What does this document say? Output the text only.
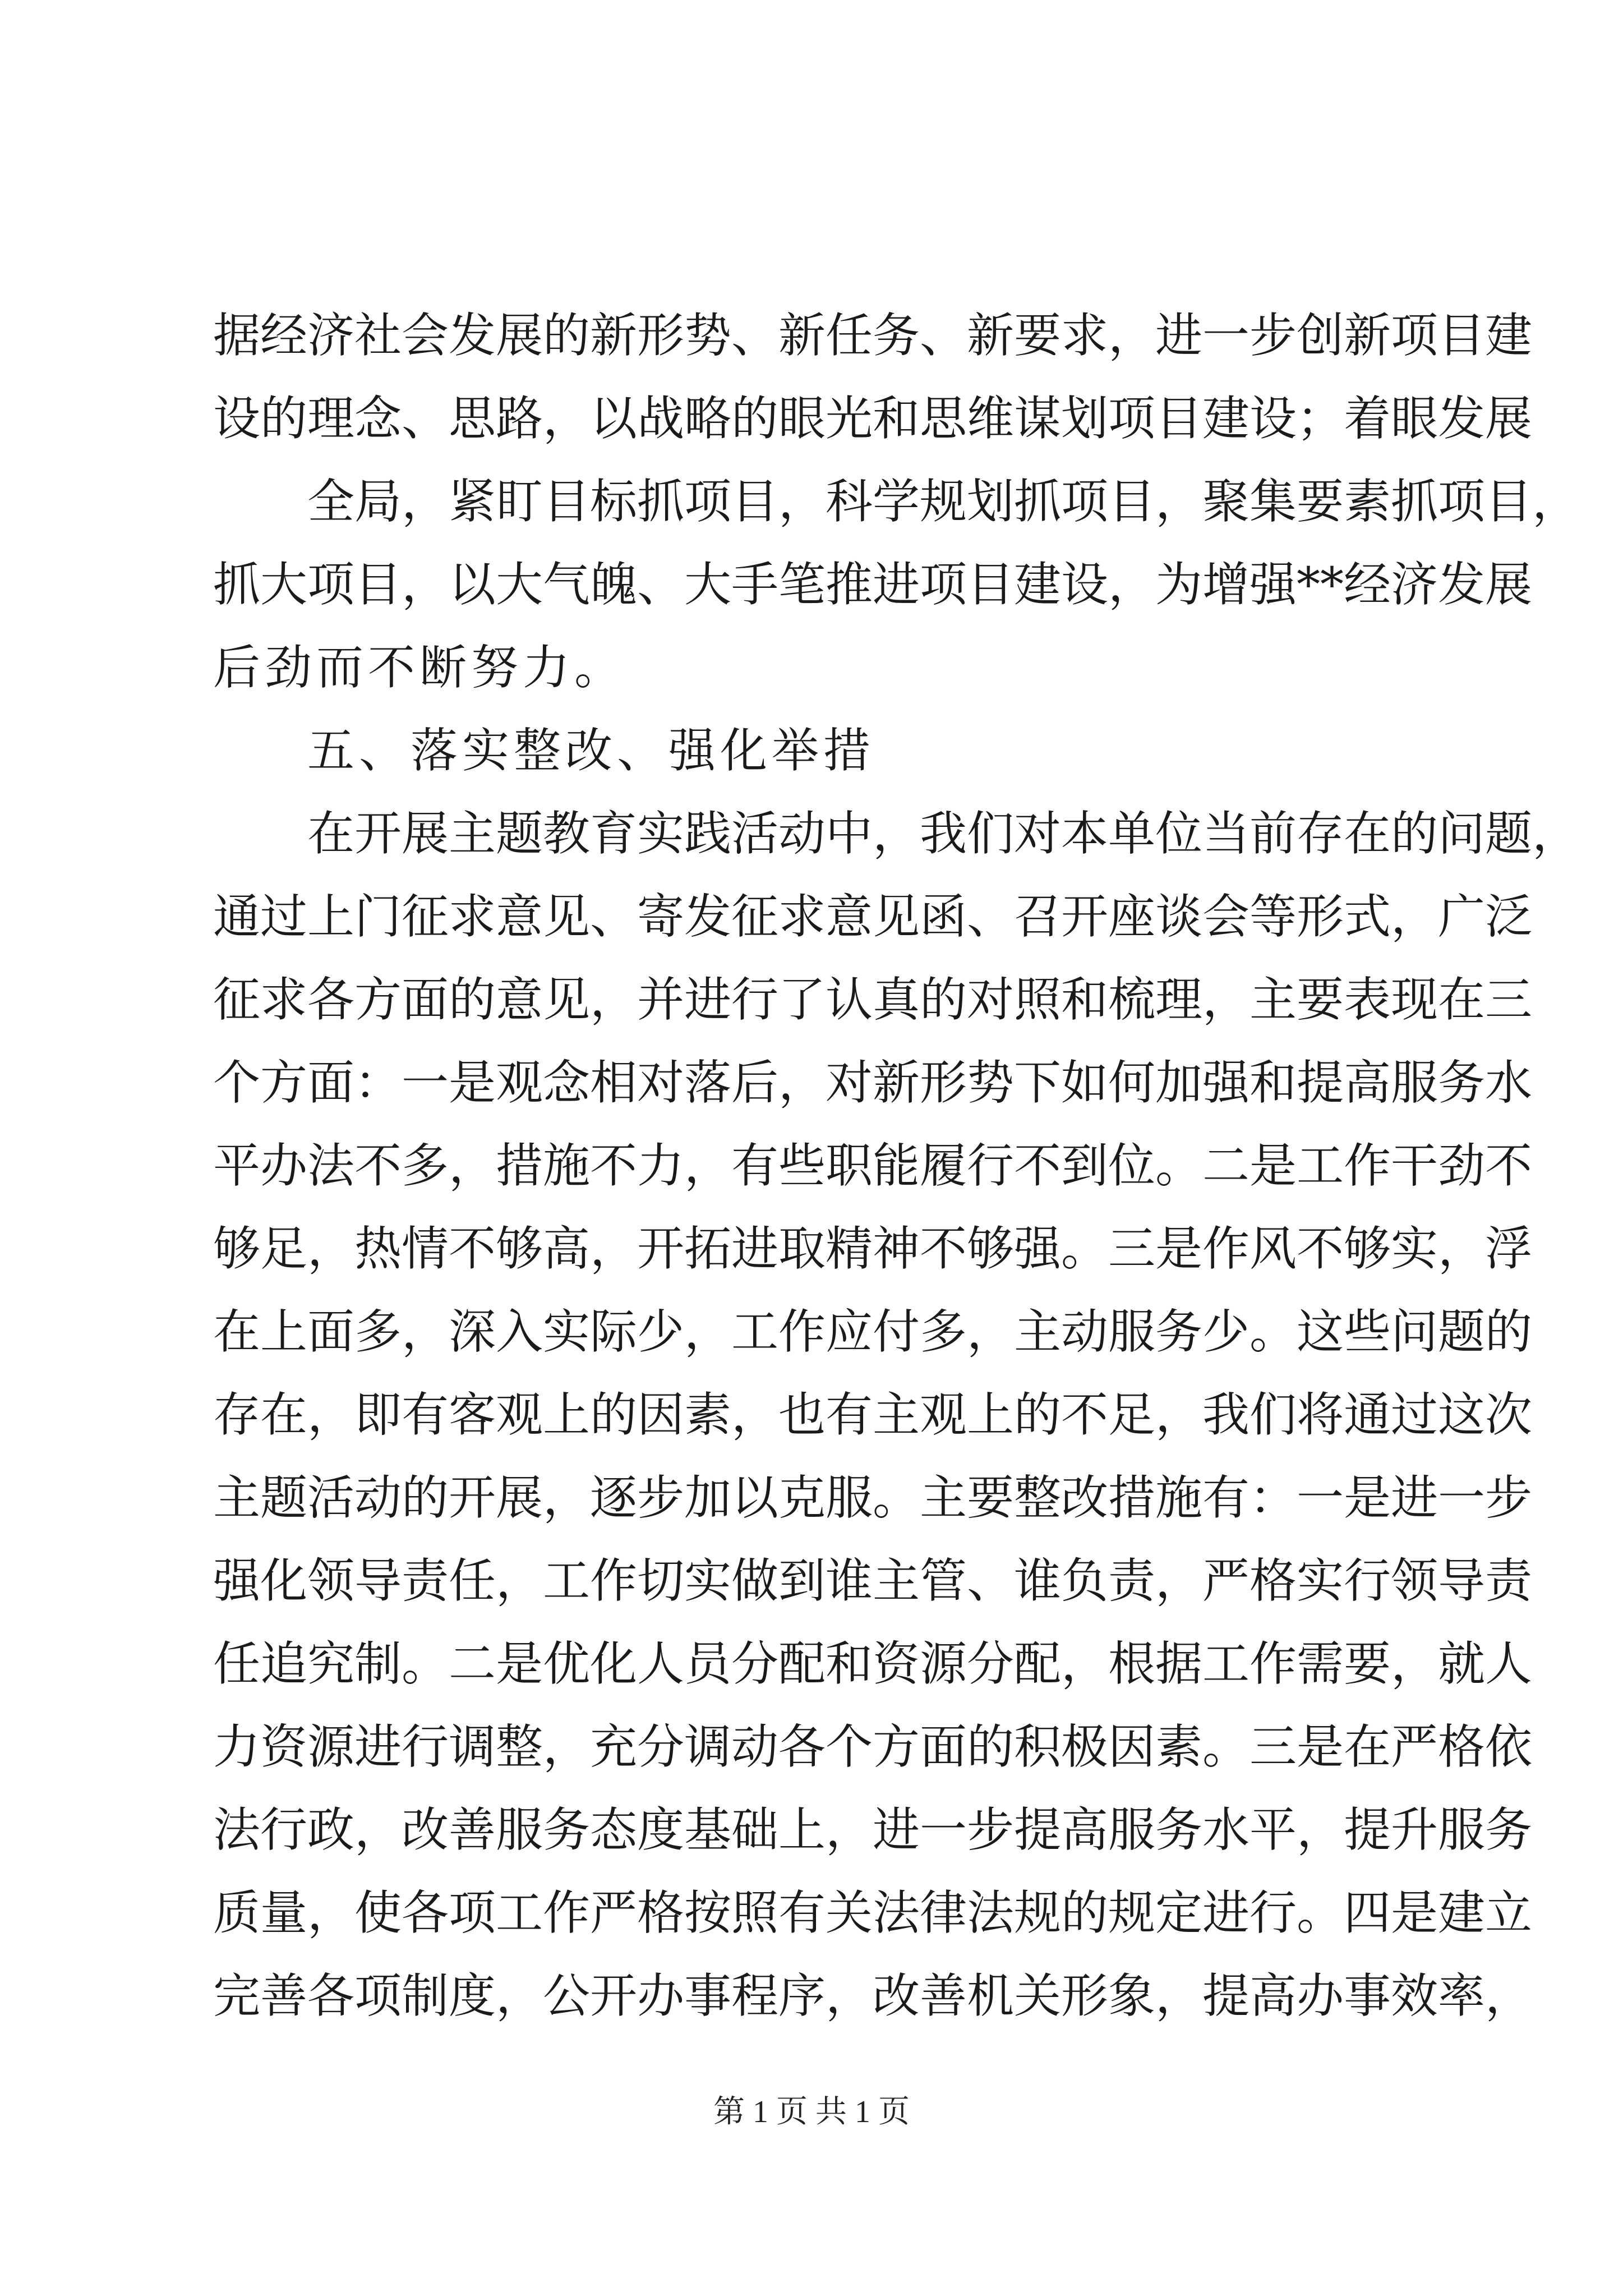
据经济社会发展的新形势、新任务、新要求，进一步创新项目建
设的理念、思路，以战略的眼光和思维谋划项目建设；着眼发展
全局，紧盯目标抓项目，科学规划抓项目，聚集要素抓项目，
抓大项目，以大气魄、大手笔推进项目建设，为增强**经济发展
后劲而不断努力。
五、落实整改、强化举措
在开展主题教育实践活动中，我们对本单位当前存在的问题，
通过上门征求意见、寄发征求意见函、召开座谈会等形式，广泛
征求各方面的意见，并进行了认真的对照和梳理，主要表现在三
个方面：一是观念相对落后，对新形势下如何加强和提高服务水
平办法不多，措施不力，有些职能履行不到位。二是工作干劲不
够足，热情不够高，开拓进取精神不够强。三是作风不够实，浮
在上面多，深入实际少，工作应付多，主动服务少。这些问题的
存在，即有客观上的因素，也有主观上的不足，我们将通过这次
主题活动的开展，逐步加以克服。主要整改措施有：一是进一步
强化领导责任，工作切实做到谁主管、谁负责，严格实行领导责
任追究制。二是优化人员分配和资源分配，根据工作需要，就人
力资源进行调整，充分调动各个方面的积极因素。三是在严格依
法行政，改善服务态度基础上，进一步提高服务水平，提升服务
质量，使各项工作严格按照有关法律法规的规定进行。四是建立
完善各项制度，公开办事程序，改善机关形象，提高办事效率，
第 1 页 共 1 页
